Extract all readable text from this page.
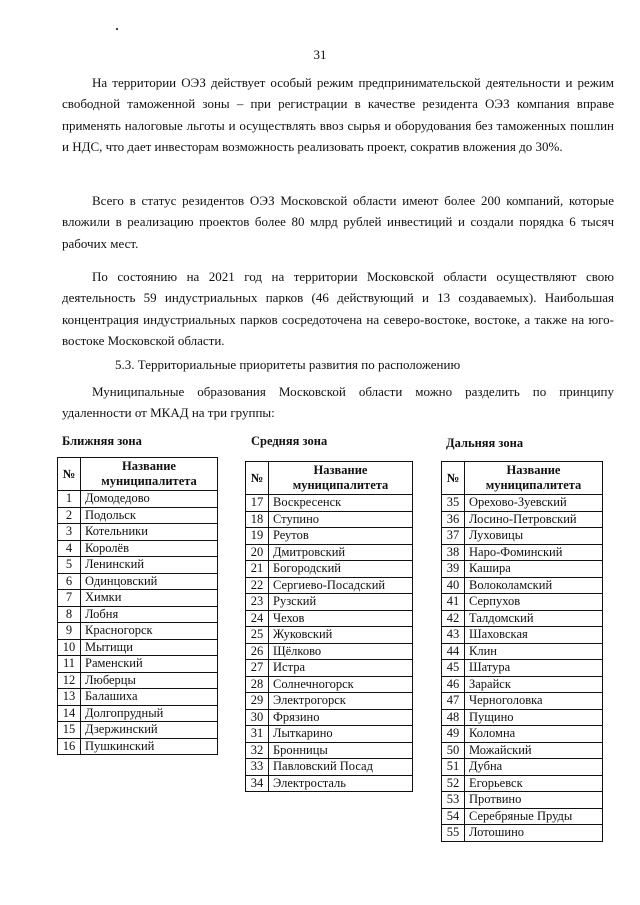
31

На территории ОЭЗ действует особый режим предпринимательской деятельности и режим свободной таможенной зоны – при регистрации в качестве резидента ОЭЗ компания вправе применять налоговые льготы и осуществлять ввоз сырья и оборудования без таможенных пошлин и НДС, что дает инвесторам возможность реализовать проект, сократив вложения до 30%.

Всего в статус резидентов ОЭЗ Московской области имеют более 200 компаний, которые вложили в реализацию проектов более 80 млрд рублей инвестиций и создали порядка 6 тысяч рабочих мест.

По состоянию на 2021 год на территории Московской области осуществляют свою деятельность 59 индустриальных парков (46 действующий и 13 создаваемых). Наибольшая концентрация индустриальных парков сосредоточена на северо-востоке, востоке, а также на юго-востоке Московской области.

5.3. Территориальные приоритеты развития по расположению

Муниципальные образования Московской области можно разделить по принципу удаленности от МКАД на три группы:

Ближняя зона

№	Название
муниципалитета
1	Домодедово
2	Подольск
3	Котельники
4	Королёв
5	Ленинский
6	Одинцовский
7	Химки
8	Лобня
9	Красногорск
10	Мытищи
11	Раменский
12	Люберцы
13	Балашиха
14	Долгопрудный
15	Дзержинский
16	Пушкинский

Средняя зона

№	Название
муниципалитета
17	Воскресенск
18	Ступино
19	Реутов
20	Дмитровский
21	Богородский
22	Сергиево-Посадский
23	Рузский
24	Чехов
25	Жуковский
26	Щёлково
27	Истра
28	Солнечногорск
29	Электрогорск
30	Фрязино
31	Лыткарино
32	Бронницы
33	Павловский Посад
34	Электросталь

Дальняя зона

№	Название
муниципалитета
35	Орехово-Зуевский
36	Лосино-Петровский
37	Луховицы
38	Наро-Фоминский
39	Кашира
40	Волоколамский
41	Серпухов
42	Талдомский
43	Шаховская
44	Клин
45	Шатура
46	Зарайск
47	Черноголовка
48	Пущино
49	Коломна
50	Можайский
51	Дубна
52	Егорьевск
53	Протвино
54	Серебряные Пруды
55	Лотошино
